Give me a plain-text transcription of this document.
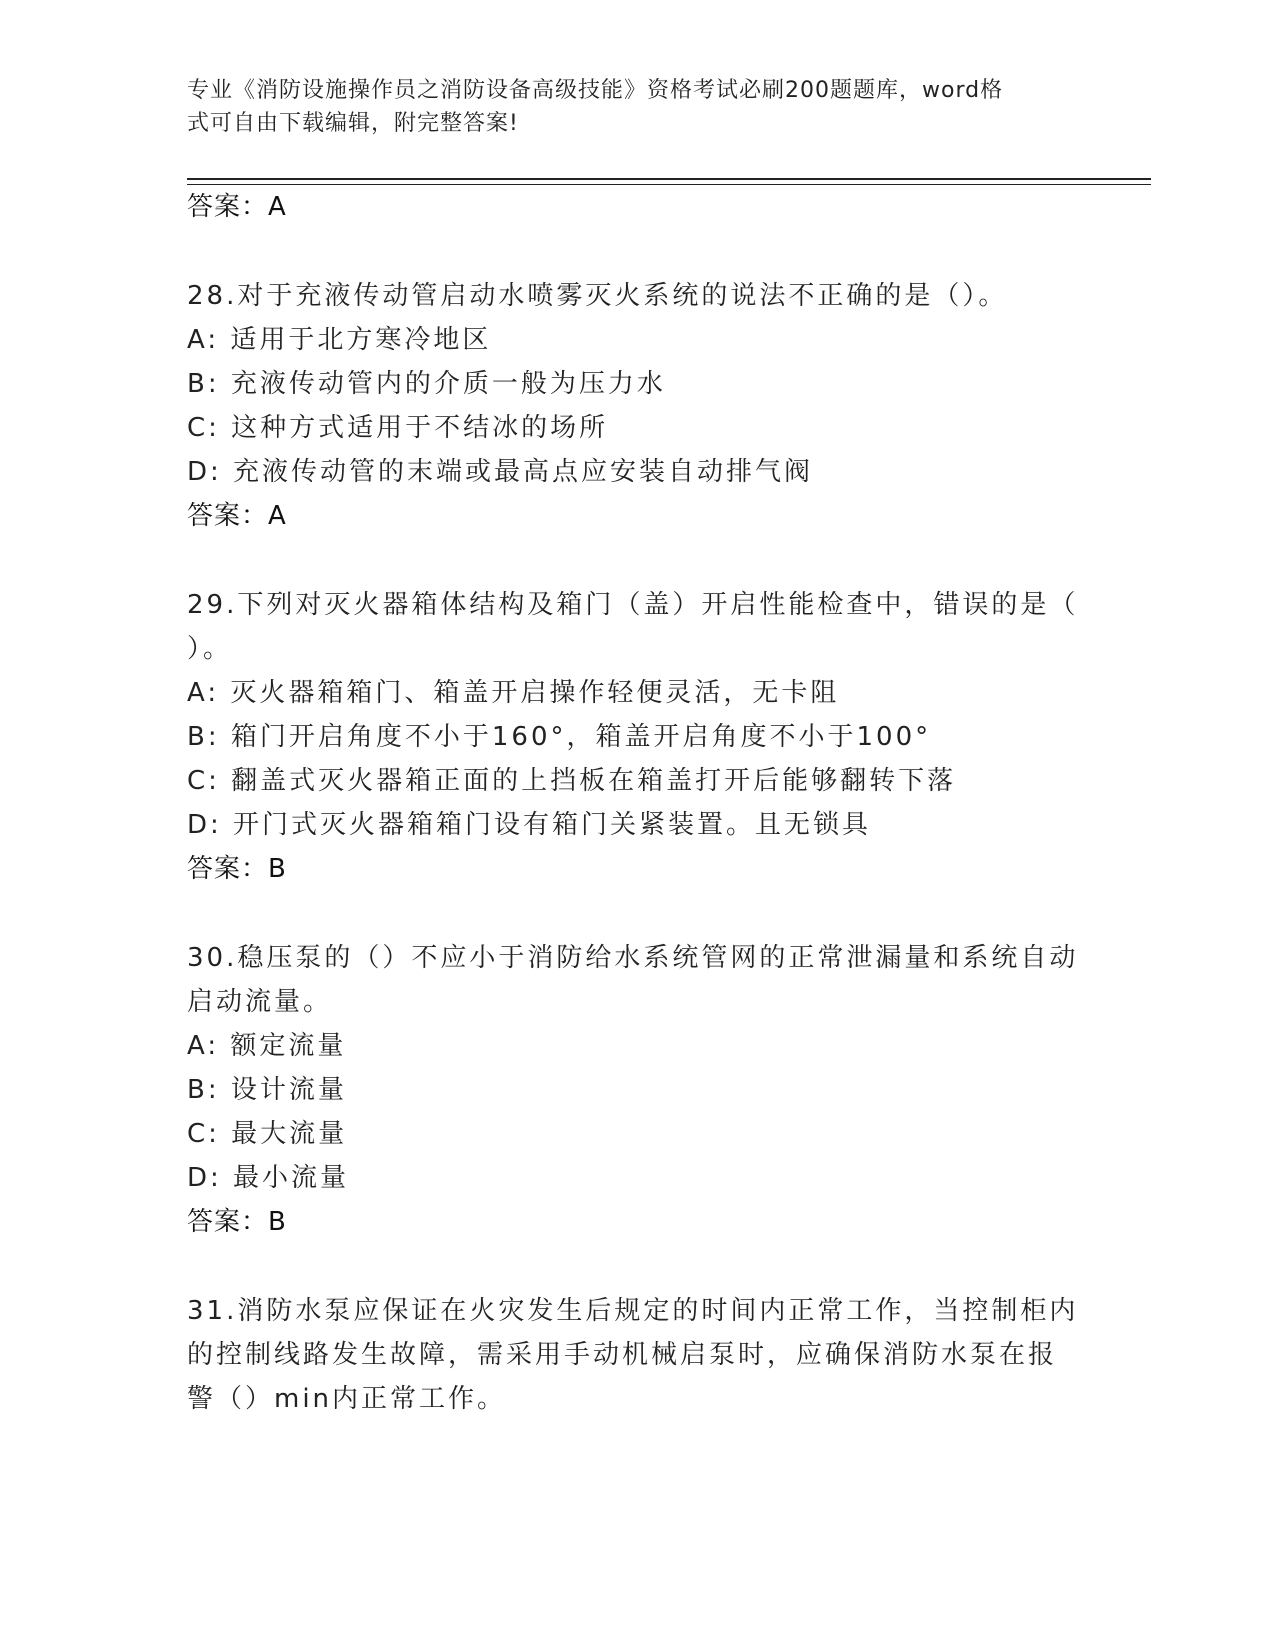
专业《消防设施操作员之消防设备高级技能》资格考试必刷200题题库，word格
式可自由下载编辑，附完整答案!
答案：A
28.对于充液传动管启动水喷雾灭火系统的说法不正确的是（）。
A: 适用于北方寒冷地区
B: 充液传动管内的介质一般为压力水
C: 这种方式适用于不结冰的场所
D: 充液传动管的末端或最高点应安装自动排气阀
答案：A
29.下列对灭火器箱体结构及箱门（盖）开启性能检查中，错误的是（
）。
A: 灭火器箱箱门、箱盖开启操作轻便灵活，无卡阻
B: 箱门开启角度不小于160°，箱盖开启角度不小于100°
C: 翻盖式灭火器箱正面的上挡板在箱盖打开后能够翻转下落
D: 开门式灭火器箱箱门设有箱门关紧装置。且无锁具
答案：B
30.稳压泵的（）不应小于消防给水系统管网的正常泄漏量和系统自动
启动流量。
A: 额定流量
B: 设计流量
C: 最大流量
D: 最小流量
答案：B
31.消防水泵应保证在火灾发生后规定的时间内正常工作，当控制柜内
的控制线路发生故障，需采用手动机械启泵时，应确保消防水泵在报
警（）min内正常工作。
